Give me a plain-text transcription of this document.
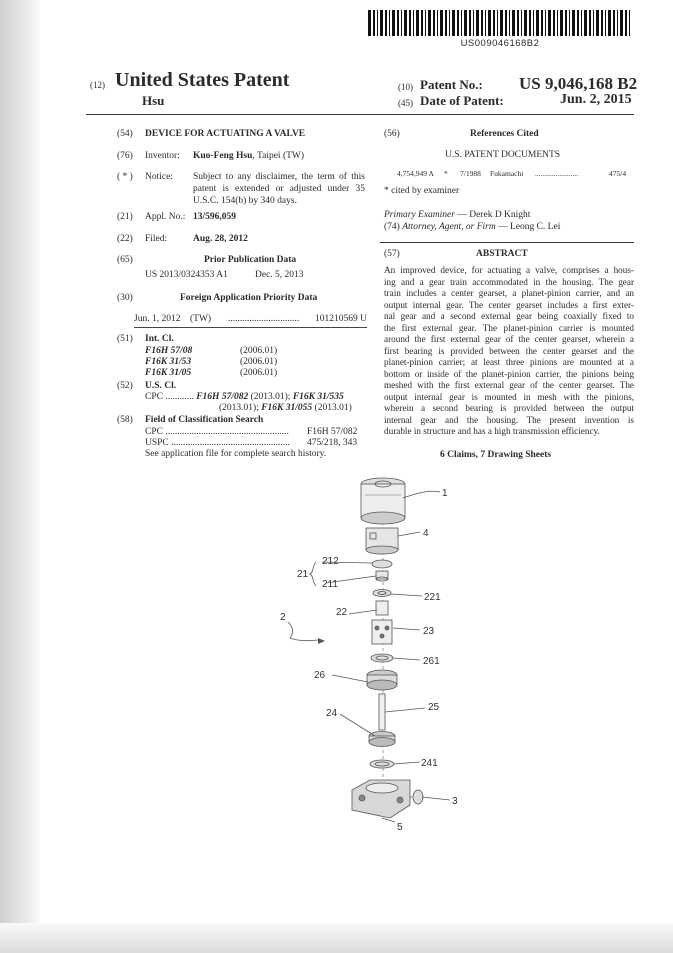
US009046168B2
(12) United States Patent
Hsu
(10) Patent No.: US 9,046,168 B2
(45) Date of Patent:	Jun. 2, 2015
(54) DEVICE FOR ACTUATING A VALVE
(76) Inventor: Kuo-Feng Hsu, Taipei (TW)
( * ) Notice: Subject to any disclaimer, the term of this
patent is extended or adjusted under 35
U.S.C. 154(b) by 340 days.
(21) Appl. No.: 13/596,059
(22) Filed:	Aug. 28, 2012
(65)	Prior Publication Data
US 2013/0324353 A1	Dec. 5, 2013
(30)	Foreign Application Priority Data
Jun. 1, 2012 (TW) .............................. 101210569 U
(51) Int. Cl.
F16H 57/08	(2006.01)
F16K 31/53	(2006.01)
F16K 31/05	(2006.01)
(52) U.S. Cl.
CPC ............ F16H 57/082 (2013.01); F16K 31/535
(2013.01); F16K 31/055 (2013.01)
(58) Field of Classification Search
CPC ....................................................	F16H 57/082
USPC ..................................................	475/218, 343
See application file for complete search history.
(56)	References Cited
U.S. PATENT DOCUMENTS
4,754,949 A * 7/1988 Fukamachi .......................	475/4
* cited by examiner
Primary Examiner — Derek D Knight
(74) Attorney, Agent, or Firm — Leong C. Lei
(57)	ABSTRACT
An improved device, for actuating a valve, comprises a hous-
ing and a gear train accommodated in the housing. The gear
train includes a center gearset, a planet-pinion carrier, and an
output internal gear. The center gearset includes a first exter-
nal gear and a second external gear being coaxially fixed to
the first external gear. The planet-pinion carrier is mounted
around the first external gear of the center gearset, wherein a
first bearing is provided between the center gearset and the
planet-pinion carrier; at least three pinions are mounted at a
bottom or inside of the planet-pinion carrier, the pinions being
meshed with the first external gear of the center gearset. The
output internal gear is mounted in mesh with the pinions,
wherein a second bearing is provided between the output
internal gear and the housing. The present invention is
durable in structure and has a high transmission efficiency.
6 Claims, 7 Drawing Sheets
1
4
212
21
211
22
221
2
23
261
26
24
25
241
3
5
